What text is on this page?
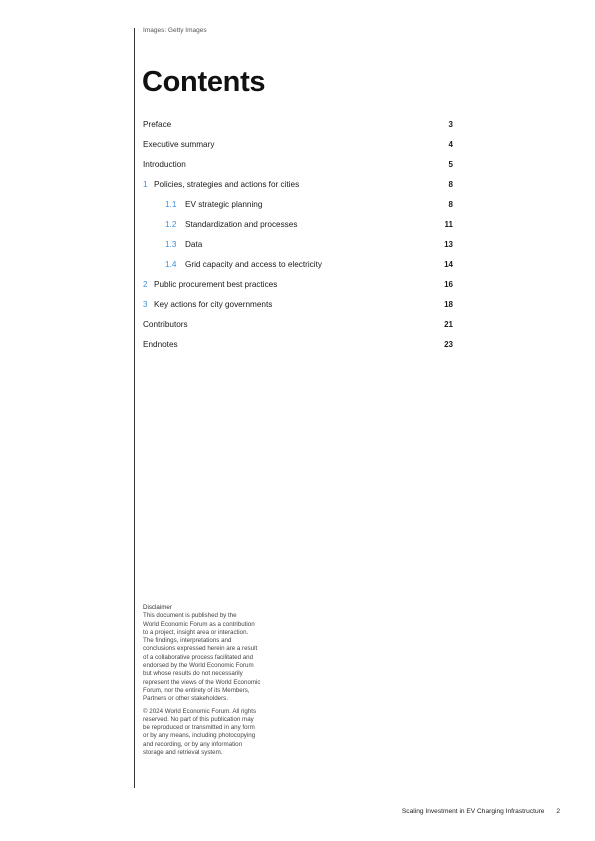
Images: Getty Images
Contents
Preface	3
Executive summary	4
Introduction	5
1 Policies, strategies and actions for cities	8
1.1 EV strategic planning	8
1.2 Standardization and processes	11
1.3 Data	13
1.4 Grid capacity and access to electricity	14
2 Public procurement best practices	16
3 Key actions for city governments	18
Contributors	21
Endnotes	23
Disclaimer
This document is published by the
World Economic Forum as a contribution
to a project, insight area or interaction.
The findings, interpretations and
conclusions expressed herein are a result
of a collaborative process facilitated and
endorsed by the World Economic Forum
but whose results do not necessarily
represent the views of the World Economic
Forum, nor the entirety of its Members,
Partners or other stakeholders.
© 2024 World Economic Forum. All rights
reserved. No part of this publication may
be reproduced or transmitted in any form
or by any means, including photocopying
and recording, or by any information
storage and retrieval system.
Scaling Investment in EV Charging Infrastructure 2
